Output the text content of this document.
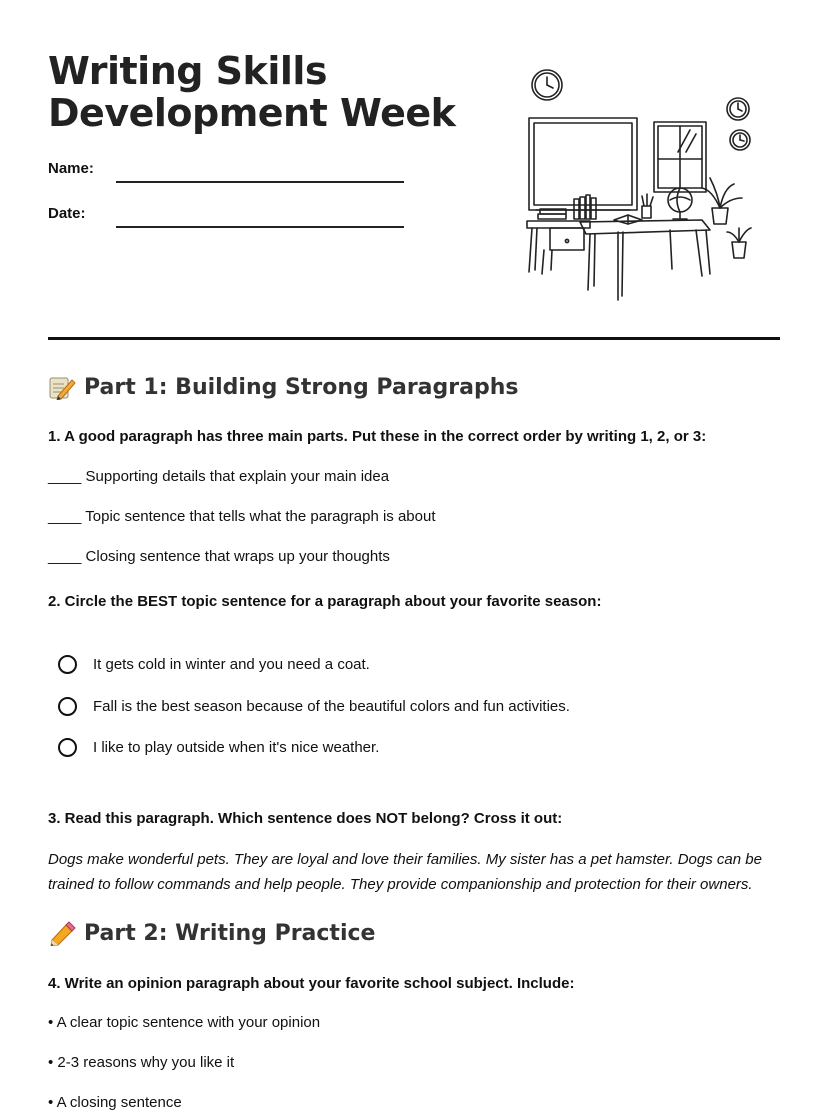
Writing Skills
Development Week
Name:
Date:
Part 1: Building Strong Paragraphs
1. A good paragraph has three main parts. Put these in the correct order by writing 1, 2, or 3:
____ Supporting details that explain your main idea
____ Topic sentence that tells what the paragraph is about
____ Closing sentence that wraps up your thoughts
2. Circle the BEST topic sentence for a paragraph about your favorite season:
It gets cold in winter and you need a coat.
Fall is the best season because of the beautiful colors and fun activities.
I like to play outside when it's nice weather.
3. Read this paragraph. Which sentence does NOT belong? Cross it out:
Dogs make wonderful pets. They are loyal and love their families. My sister has a pet hamster. Dogs can be trained to follow commands and help people. They provide companionship and protection for their owners.
Part 2: Writing Practice
4. Write an opinion paragraph about your favorite school subject. Include:
• A clear topic sentence with your opinion
• 2-3 reasons why you like it
• A closing sentence
